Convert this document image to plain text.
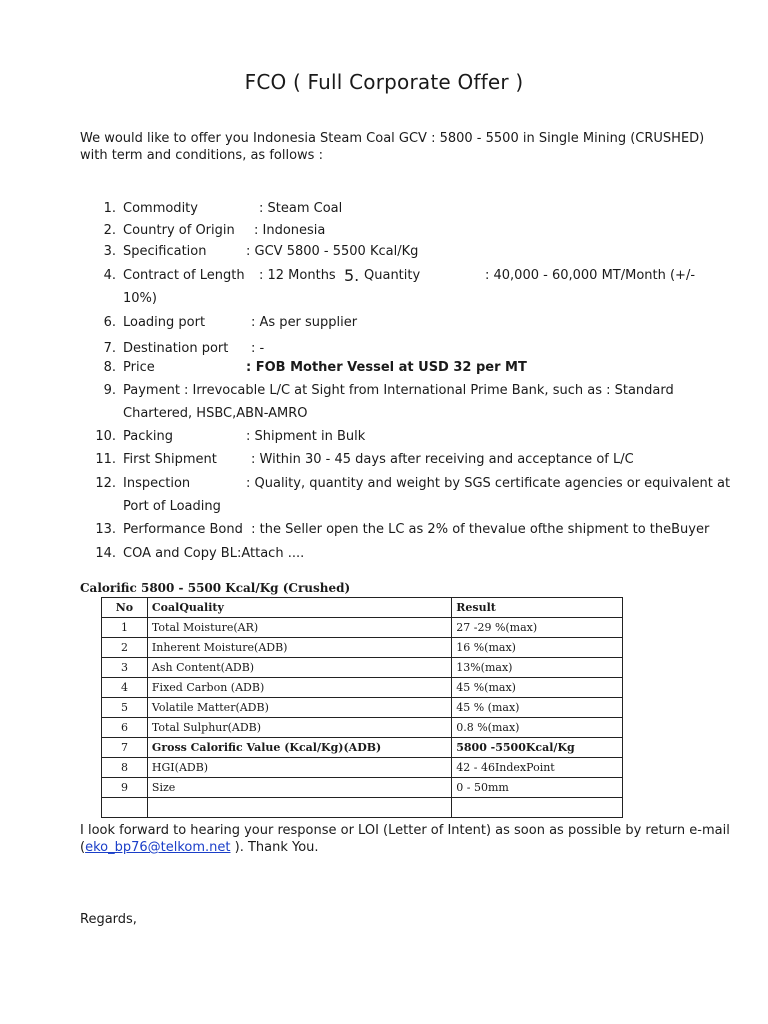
FCO ( Full Corporate Offer )
We would like to offer you Indonesia Steam Coal GCV : 5800 - 5500 in Single Mining (CRUSHED) with term and conditions, as follows :
1. Commodity	: Steam Coal
2. Country of Origin : Indonesia
3. Specification	: GCV 5800 - 5500 Kcal/Kg
4. Contract of Length : 12 Months 5. Quantity	: 40,000 - 60,000 MT/Month (+/-
10%)
6. Loading port	: As per supplier
7. Destination port : -
8. Price	: FOB Mother Vessel at USD 32 per MT
9. Payment : Irrevocable L/C at Sight from International Prime Bank, such as : Standard Chartered, HSBC,ABN-AMRO
10. Packing	: Shipment in Bulk
11. First Shipment	: Within 30 - 45 days after receiving and acceptance of L/C
12. Inspection	: Quality, quantity and weight by SGS certificate agencies or equivalent at
Port of Loading
13. Performance Bond  : the Seller open the LC as 2% of thevalue ofthe shipment to theBuyer
14. COA and Copy BL:Attach ....
Calorific 5800 - 5500 Kcal/Kg (Crushed)
No	CoalQuality	Result
1	Total Moisture(AR)	27 -29 %(max)
2	Inherent Moisture(ADB)	16 %(max)
3	Ash Content(ADB)	13%(max)
4	Fixed Carbon (ADB)	45 %(max)
5	Volatile Matter(ADB)	45 % (max)
6	Total Sulphur(ADB)	0.8 %(max)
7	Gross Calorific Value (Kcal/Kg)(ADB)	5800 -5500Kcal/Kg
8	HGI(ADB)	42 - 46IndexPoint
9	Size	0 - 50mm

I look forward to hearing your response or LOI (Letter of Intent) as soon as possible by return e-mail (eko_bp76@telkom.net ). Thank You.
Regards,
